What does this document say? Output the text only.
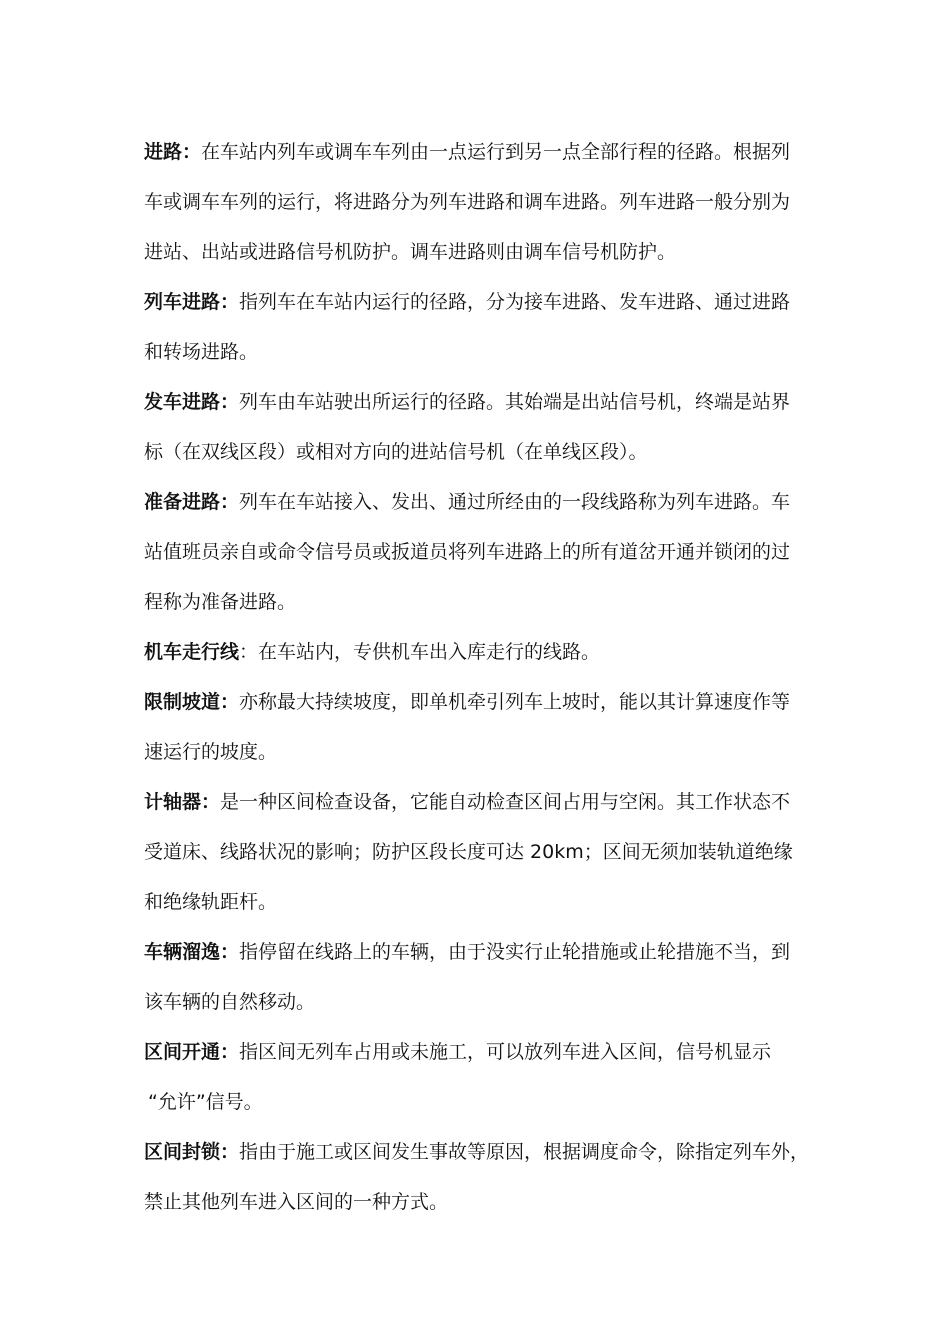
进路：在车站内列车或调车车列由一点运行到另一点全部行程的径路。根据列
车或调车车列的运行，将进路分为列车进路和调车进路。列车进路一般分别为
进站、出站或进路信号机防护。调车进路则由调车信号机防护。
列车进路：指列车在车站内运行的径路，分为接车进路、发车进路、通过进路
和转场进路。
发车进路：列车由车站驶出所运行的径路。其始端是出站信号机，终端是站界
标（在双线区段）或相对方向的进站信号机（在单线区段）。
准备进路：列车在车站接入、发出、通过所经由的一段线路称为列车进路。车
站值班员亲自或命令信号员或扳道员将列车进路上的所有道岔开通并锁闭的过
程称为准备进路。
机车走行线：在车站内，专供机车出入库走行的线路。
限制坡道：亦称最大持续坡度，即单机牵引列车上坡时，能以其计算速度作等
速运行的坡度。
计轴器：是一种区间检查设备，它能自动检查区间占用与空闲。其工作状态不
受道床、线路状况的影响；防护区段长度可达 20km；区间无须加装轨道绝缘
和绝缘轨距杆。
车辆溜逸：指停留在线路上的车辆，由于没实行止轮措施或止轮措施不当，到
该车辆的自然移动。
区间开通：指区间无列车占用或未施工，可以放列车进入区间，信号机显示
“允许”信号。
区间封锁：指由于施工或区间发生事故等原因，根据调度命令，除指定列车外，
禁止其他列车进入区间的一种方式。
